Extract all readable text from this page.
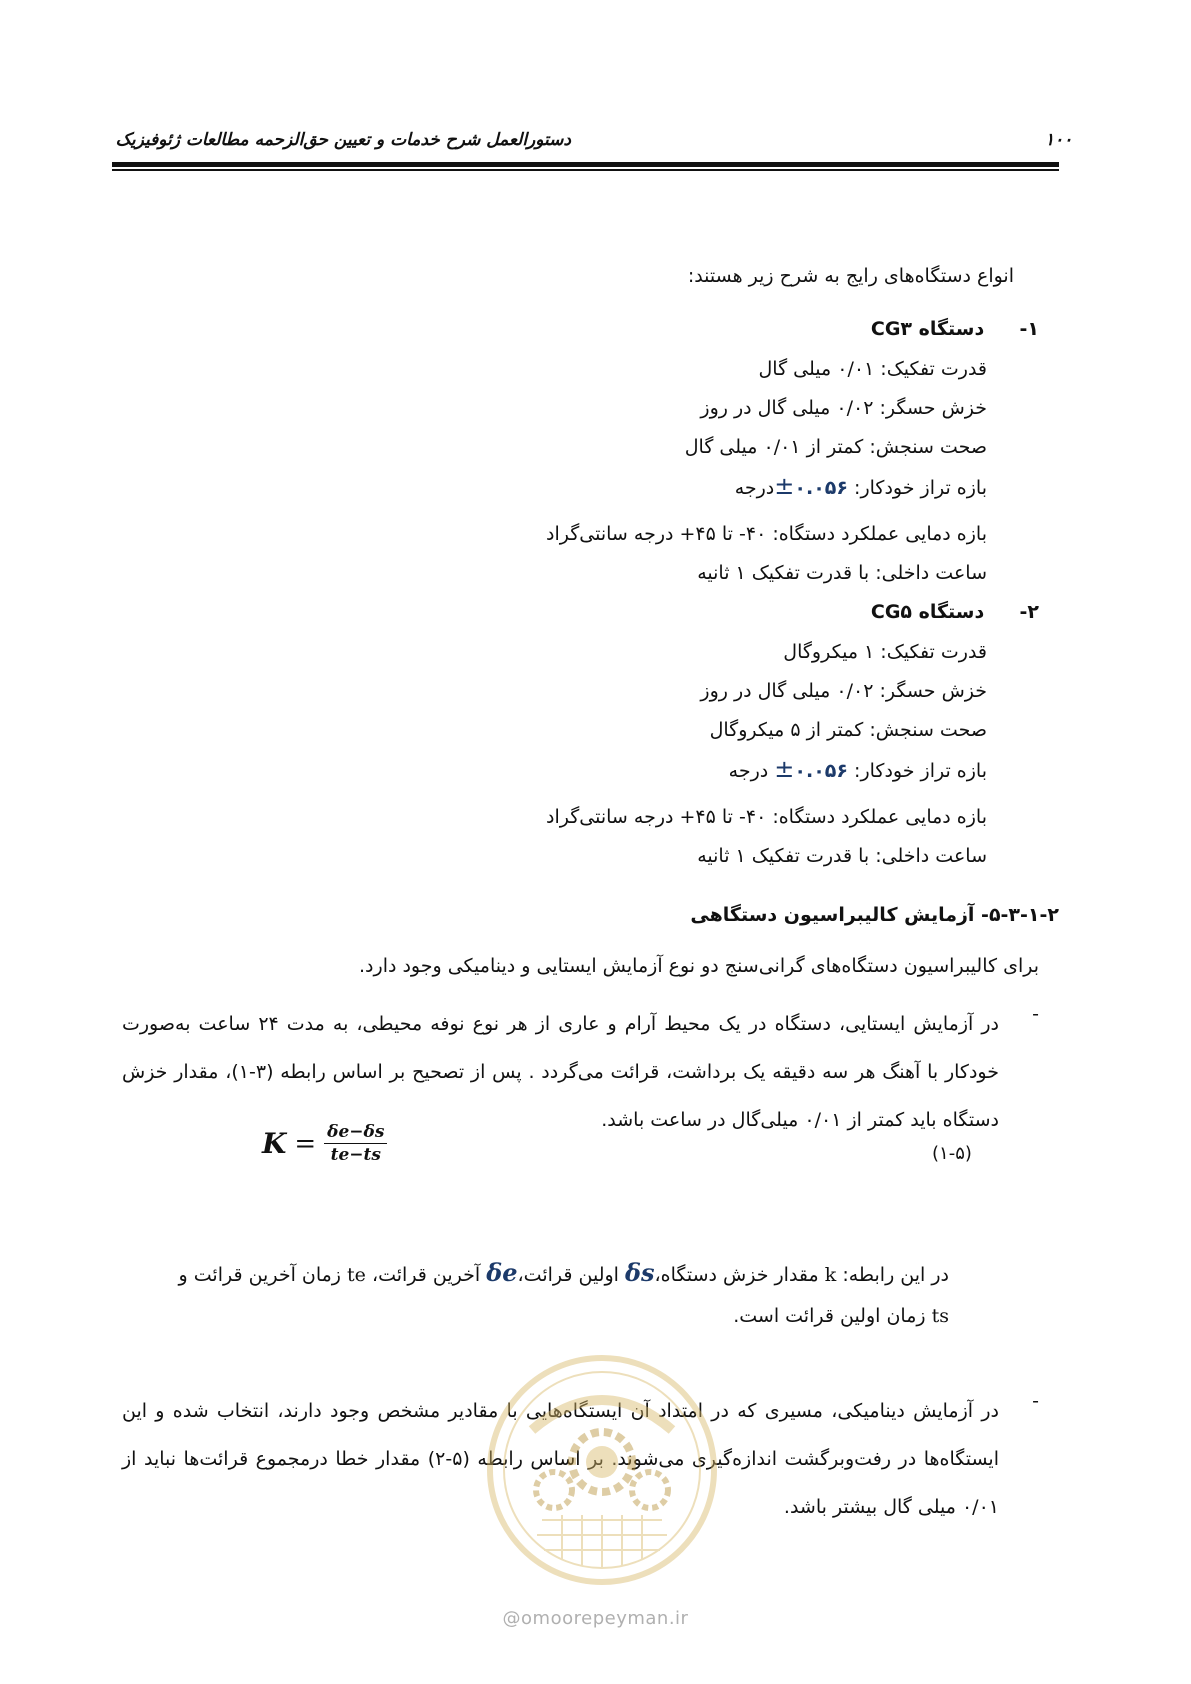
دستورالعمل شرح خدمات و تعیین حق‌الزحمه مطالعات ژئوفیزیک	۱۰۰
انواع دستگاه‌های رایج به شرح زیر هستند:
۱-  دستگاه CG۳
قدرت تفکیک: ۰/۰۱ میلی گال
خزش حسگر: ۰/۰۲ میلی گال در روز
صحت سنجش: کمتر از ۰/۰۱ میلی گال
بازه تراز خودکار: ۰.۰۵۶±درجه
بازه دمایی عملکرد دستگاه: ۴۰- تا ۴۵+ درجه سانتی‌گراد
ساعت داخلی: با قدرت تفکیک ۱ ثانیه
۲-  دستگاه CG۵
قدرت تفکیک: ۱ میکروگال
خزش حسگر: ۰/۰۲ میلی گال در روز
صحت سنجش: کمتر از ۵ میکروگال
بازه تراز خودکار: ۰.۰۵۶± درجه
بازه دمایی عملکرد دستگاه: ۴۰- تا ۴۵+ درجه سانتی‌گراد
ساعت داخلی: با قدرت تفکیک ۱ ثانیه
۵-۳-۱-۲- آزمایش کالیبراسیون دستگاهی
برای کالیبراسیون دستگاه‌های گرانی‌سنج دو نوع آزمایش ایستایی و دینامیکی وجود دارد.
-
در آزمایش ایستایی، دستگاه در یک محیط آرام و عاری از هر نوع نوفه محیطی، به مدت ۲۴ ساعت به‌صورت خودکار با آهنگ هر سه دقیقه یک برداشت، قرائت می‌گردد . پس از تصحیح بر اساس رابطه (۳-۱)، مقدار خزش دستگاه باید کمتر از ۰/۰۱ میلی‌گال در ساعت باشد.
$K = \frac{\delta e-\delta s}{te-ts}$	(۱-۵)
در این رابطه: k مقدار خزش دستگاه،δs اولین قرائت،δe آخرین قرائت، te زمان آخرین قرائت و
ts زمان اولین قرائت است.
-
در آزمایش دینامیکی، مسیری که در امتداد آن ایستگاه‌هایی با مقادیر مشخص وجود دارند، انتخاب شده و این ایستگاه‌ها در رفت‌وبرگشت اندازه‌گیری می‌شوند. بر اساس رابطه (۵-۲) مقدار خطا درمجموع قرائت‌ها نباید از ۰/۰۱ میلی گال بیشتر باشد.
@omoorepeyman.ir
